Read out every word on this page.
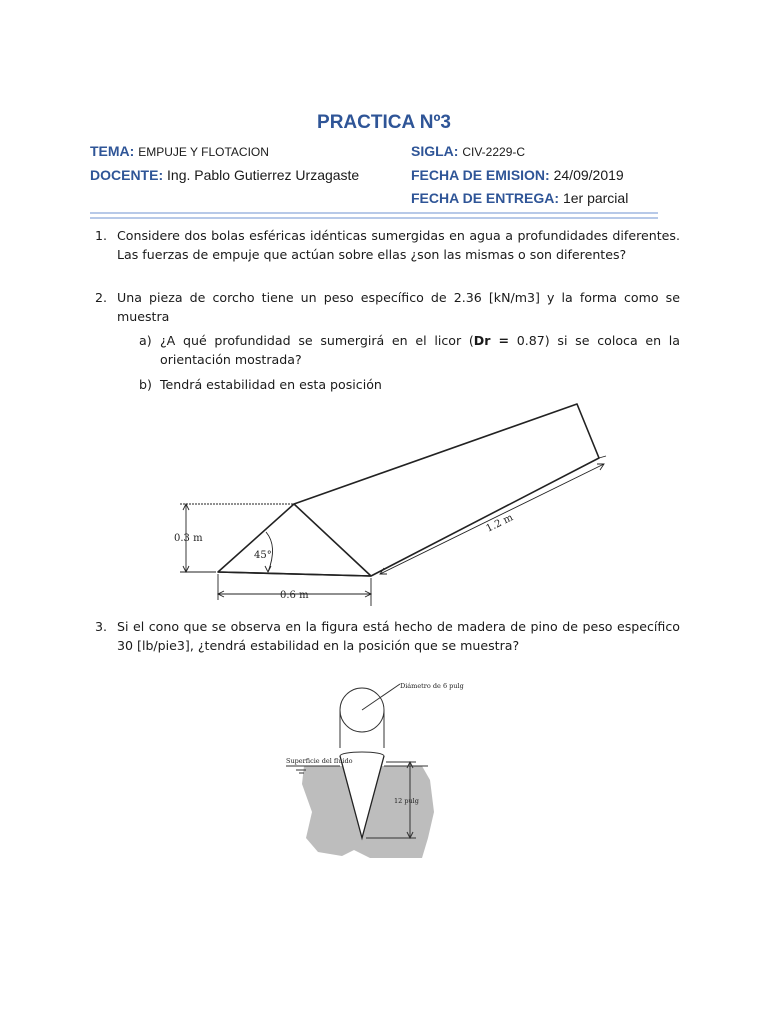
PRACTICA Nº3
TEMA: EMPUJE Y FLOTACION	SIGLA: CIV-2229-C
DOCENTE: Ing. Pablo Gutierrez Urzagaste	FECHA DE EMISION: 24/09/2019
FECHA DE ENTREGA: 1er parcial
1. Considere dos bolas esféricas idénticas sumergidas en agua a profundidades diferentes. Las fuerzas de empuje que actúan sobre ellas ¿son las mismas o son diferentes?

2. Una pieza de corcho tiene un peso específico de 2.36 [kN/m3] y la forma como se muestra

a) ¿A qué profundidad se sumergirá en el licor (Dr = 0.87) si se coloca en la orientación mostrada?

b) Tendrá estabilidad en esta posición

0.3 m
45°
0.6 m
1.2 m
3. Si el cono que se observa en la figura está hecho de madera de pino de peso específico 30 [lb/pie3], ¿tendrá estabilidad en la posición que se muestra?

Diámetro de 6 pulg
Superficie del fluido
12 pulg
